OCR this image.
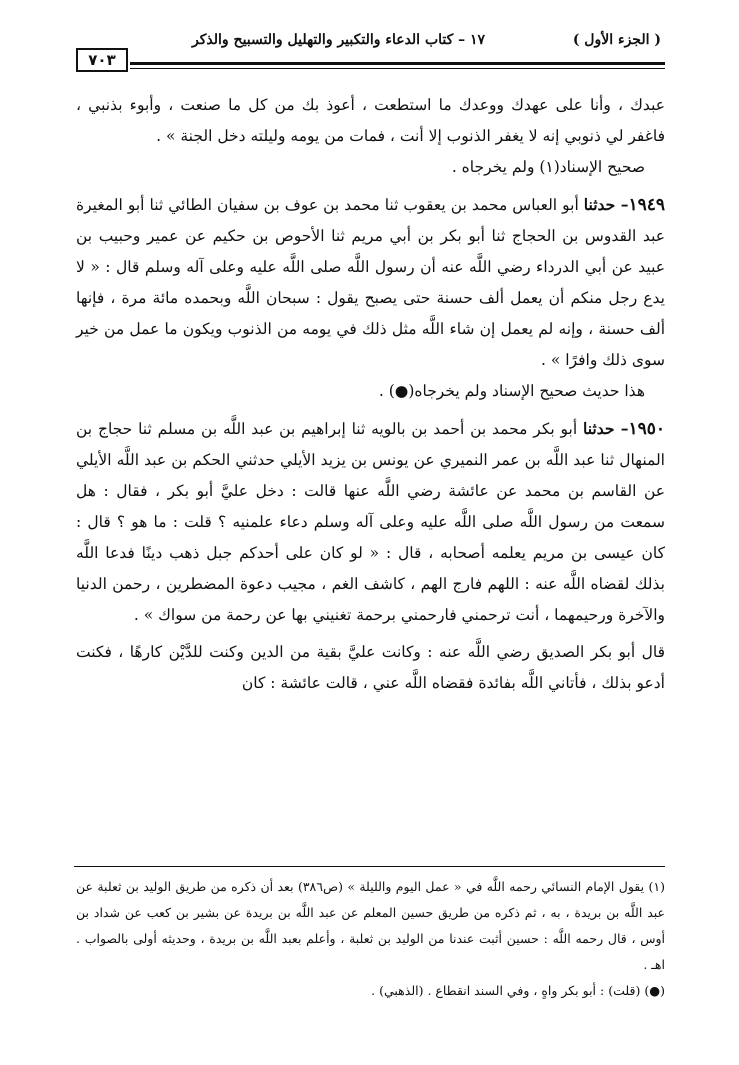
( الجزء الأول )
١٧ – كتاب الدعاء والتكبير والتهليل والتسبيح والذكر
٧٠٣

عبدك ، وأنا على عهدك ووعدك ما استطعت ، أعوذ بك من كل ما صنعت ، وأبوء بذنبي ، فاغفر لي ذنوبي إنه لا يغفر الذنوب إلا أنت ، فمات من يومه وليلته دخل الجنة » .

صحيح الإسناد(١) ولم يخرجاه .

١٩٤٩– حدثنا أبو العباس محمد بن يعقوب ثنا محمد بن عوف بن سفيان الطائي ثنا أبو المغيرة عبد القدوس بن الحجاج ثنا أبو بكر بن أبي مريم ثنا الأحوص بن حكيم عن عمير وحبيب بن عبيد عن أبي الدرداء رضي اللَّه عنه أن رسول اللَّه صلى اللَّه عليه وعلى آله وسلم قال : « لا يدع رجل منكم أن يعمل ألف حسنة حتى يصبح يقول : سبحان اللَّه وبحمده مائة مرة ، فإنها ألف حسنة ، وإنه لم يعمل إن شاء اللَّه مثل ذلك في يومه من الذنوب ويكون ما عمل من خير سوى ذلك وافرًا » .

هذا حديث صحيح الإسناد ولم يخرجاه(●) .

١٩٥٠– حدثنا أبو بكر محمد بن أحمد بن بالويه ثنا إبراهيم بن عبد اللَّه بن مسلم ثنا حجاج بن المنهال ثنا عبد اللَّه بن عمر النميري عن يونس بن يزيد الأيلي حدثني الحكم بن عبد اللَّه الأيلي عن القاسم بن محمد عن عائشة رضي اللَّه عنها قالت : دخل عليَّ أبو بكر ، فقال : هل سمعت من رسول اللَّه صلى اللَّه عليه وعلى آله وسلم دعاء علمنيه ؟ قلت : ما هو ؟ قال : كان عيسى بن مريم يعلمه أصحابه ، قال : « لو كان على أحدكم جبل ذهب دينًا فدعا اللَّه بذلك لقضاه اللَّه عنه : اللهم فارج الهم ، كاشف الغم ، مجيب دعوة المضطرين ، رحمن الدنيا والآخرة ورحيمهما ، أنت ترحمني فارحمني برحمة تغنيني بها عن رحمة من سواك » .

قال أبو بكر الصديق رضي اللَّه عنه : وكانت عليَّ بقية من الدين وكنت للدَّيْن كارهًا ، فكنت أدعو بذلك ، فأتاني اللَّه بفائدة فقضاه اللَّه عني ، قالت عائشة : كان

(١) يقول الإمام النسائي رحمه اللَّه في « عمل اليوم والليلة » (ص٣٨٦) بعد أن ذكره من طريق الوليد بن ثعلبة عن عبد اللَّه بن بريدة ، به ، ثم ذكره من طريق حسين المعلم عن عبد اللَّه بن بريدة عن بشير بن كعب عن شداد بن أوس ، قال رحمه اللَّه : حسين أثبت عندنا من الوليد بن ثعلبة ، وأعلم بعبد اللَّه بن بريدة ، وحديثه أولى بالصواب . اهـ .

(●) (قلت) : أبو بكر واهٍ ، وفي السند انقطاع . (الذهبي) .
